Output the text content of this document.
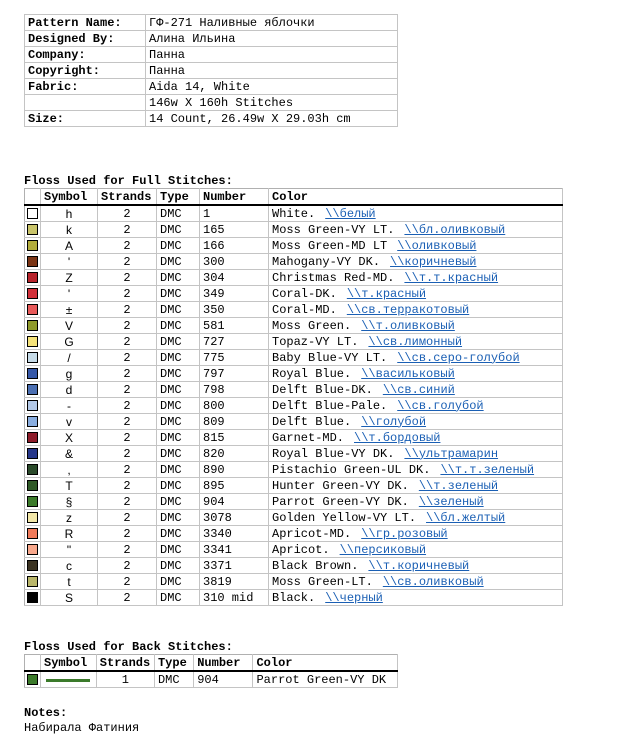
Pattern Name:	ГФ-271 Наливные яблочки
Designed By:	Алина Ильина
Company:	Панна
Copyright:	Панна
Fabric:	Aida 14, White
	146w X 160h Stitches
Size:	14 Count, 26.49w X 29.03h cm
Floss Used for Full Stitches:
	Symbol	Strands	Type	Number	Color
	h	2	DMC	1	White. \\белый
	k	2	DMC	165	Moss Green-VY LT. \\бл.оливковый
	A	2	DMC	166	Moss Green-MD LT \\оливковый
	'	2	DMC	300	Mahogany-VY DK. \\коричневый
	Z	2	DMC	304	Christmas Red-MD. \\т.т.красный
	'	2	DMC	349	Coral-DK. \\т.красный
	±	2	DMC	350	Coral-MD. \\св.терракотовый
	V	2	DMC	581	Moss Green. \\т.оливковый
	G	2	DMC	727	Topaz-VY LT. \\св.лимонный
	/	2	DMC	775	Baby Blue-VY LT. \\св.серо-голубой
	g	2	DMC	797	Royal Blue. \\васильковый
	d	2	DMC	798	Delft Blue-DK. \\св.синий
	-	2	DMC	800	Delft Blue-Pale. \\св.голубой
	v	2	DMC	809	Delft Blue. \\голубой
	X	2	DMC	815	Garnet-MD. \\т.бордовый
	&	2	DMC	820	Royal Blue-VY DK. \\ультрамарин
	,	2	DMC	890	Pistachio Green-UL DK. \\т.т.зеленый
	T	2	DMC	895	Hunter Green-VY DK. \\т.зеленый
	§	2	DMC	904	Parrot Green-VY DK. \\зеленый
	z	2	DMC	3078	Golden Yellow-VY LT. \\бл.желтый
	R	2	DMC	3340	Apricot-MD. \\гр.розовый
	"	2	DMC	3341	Apricot. \\персиковый
	c	2	DMC	3371	Black Brown. \\т.коричневый
	t	2	DMC	3819	Moss Green-LT. \\св.оливковый
	S	2	DMC	310 mid	Black. \\черный
Floss Used for Back Stitches:
	Symbol	Strands	Type	Number	Color
		1	DMC	904	Parrot Green-VY DK
Notes:
Набирала Фатиния
